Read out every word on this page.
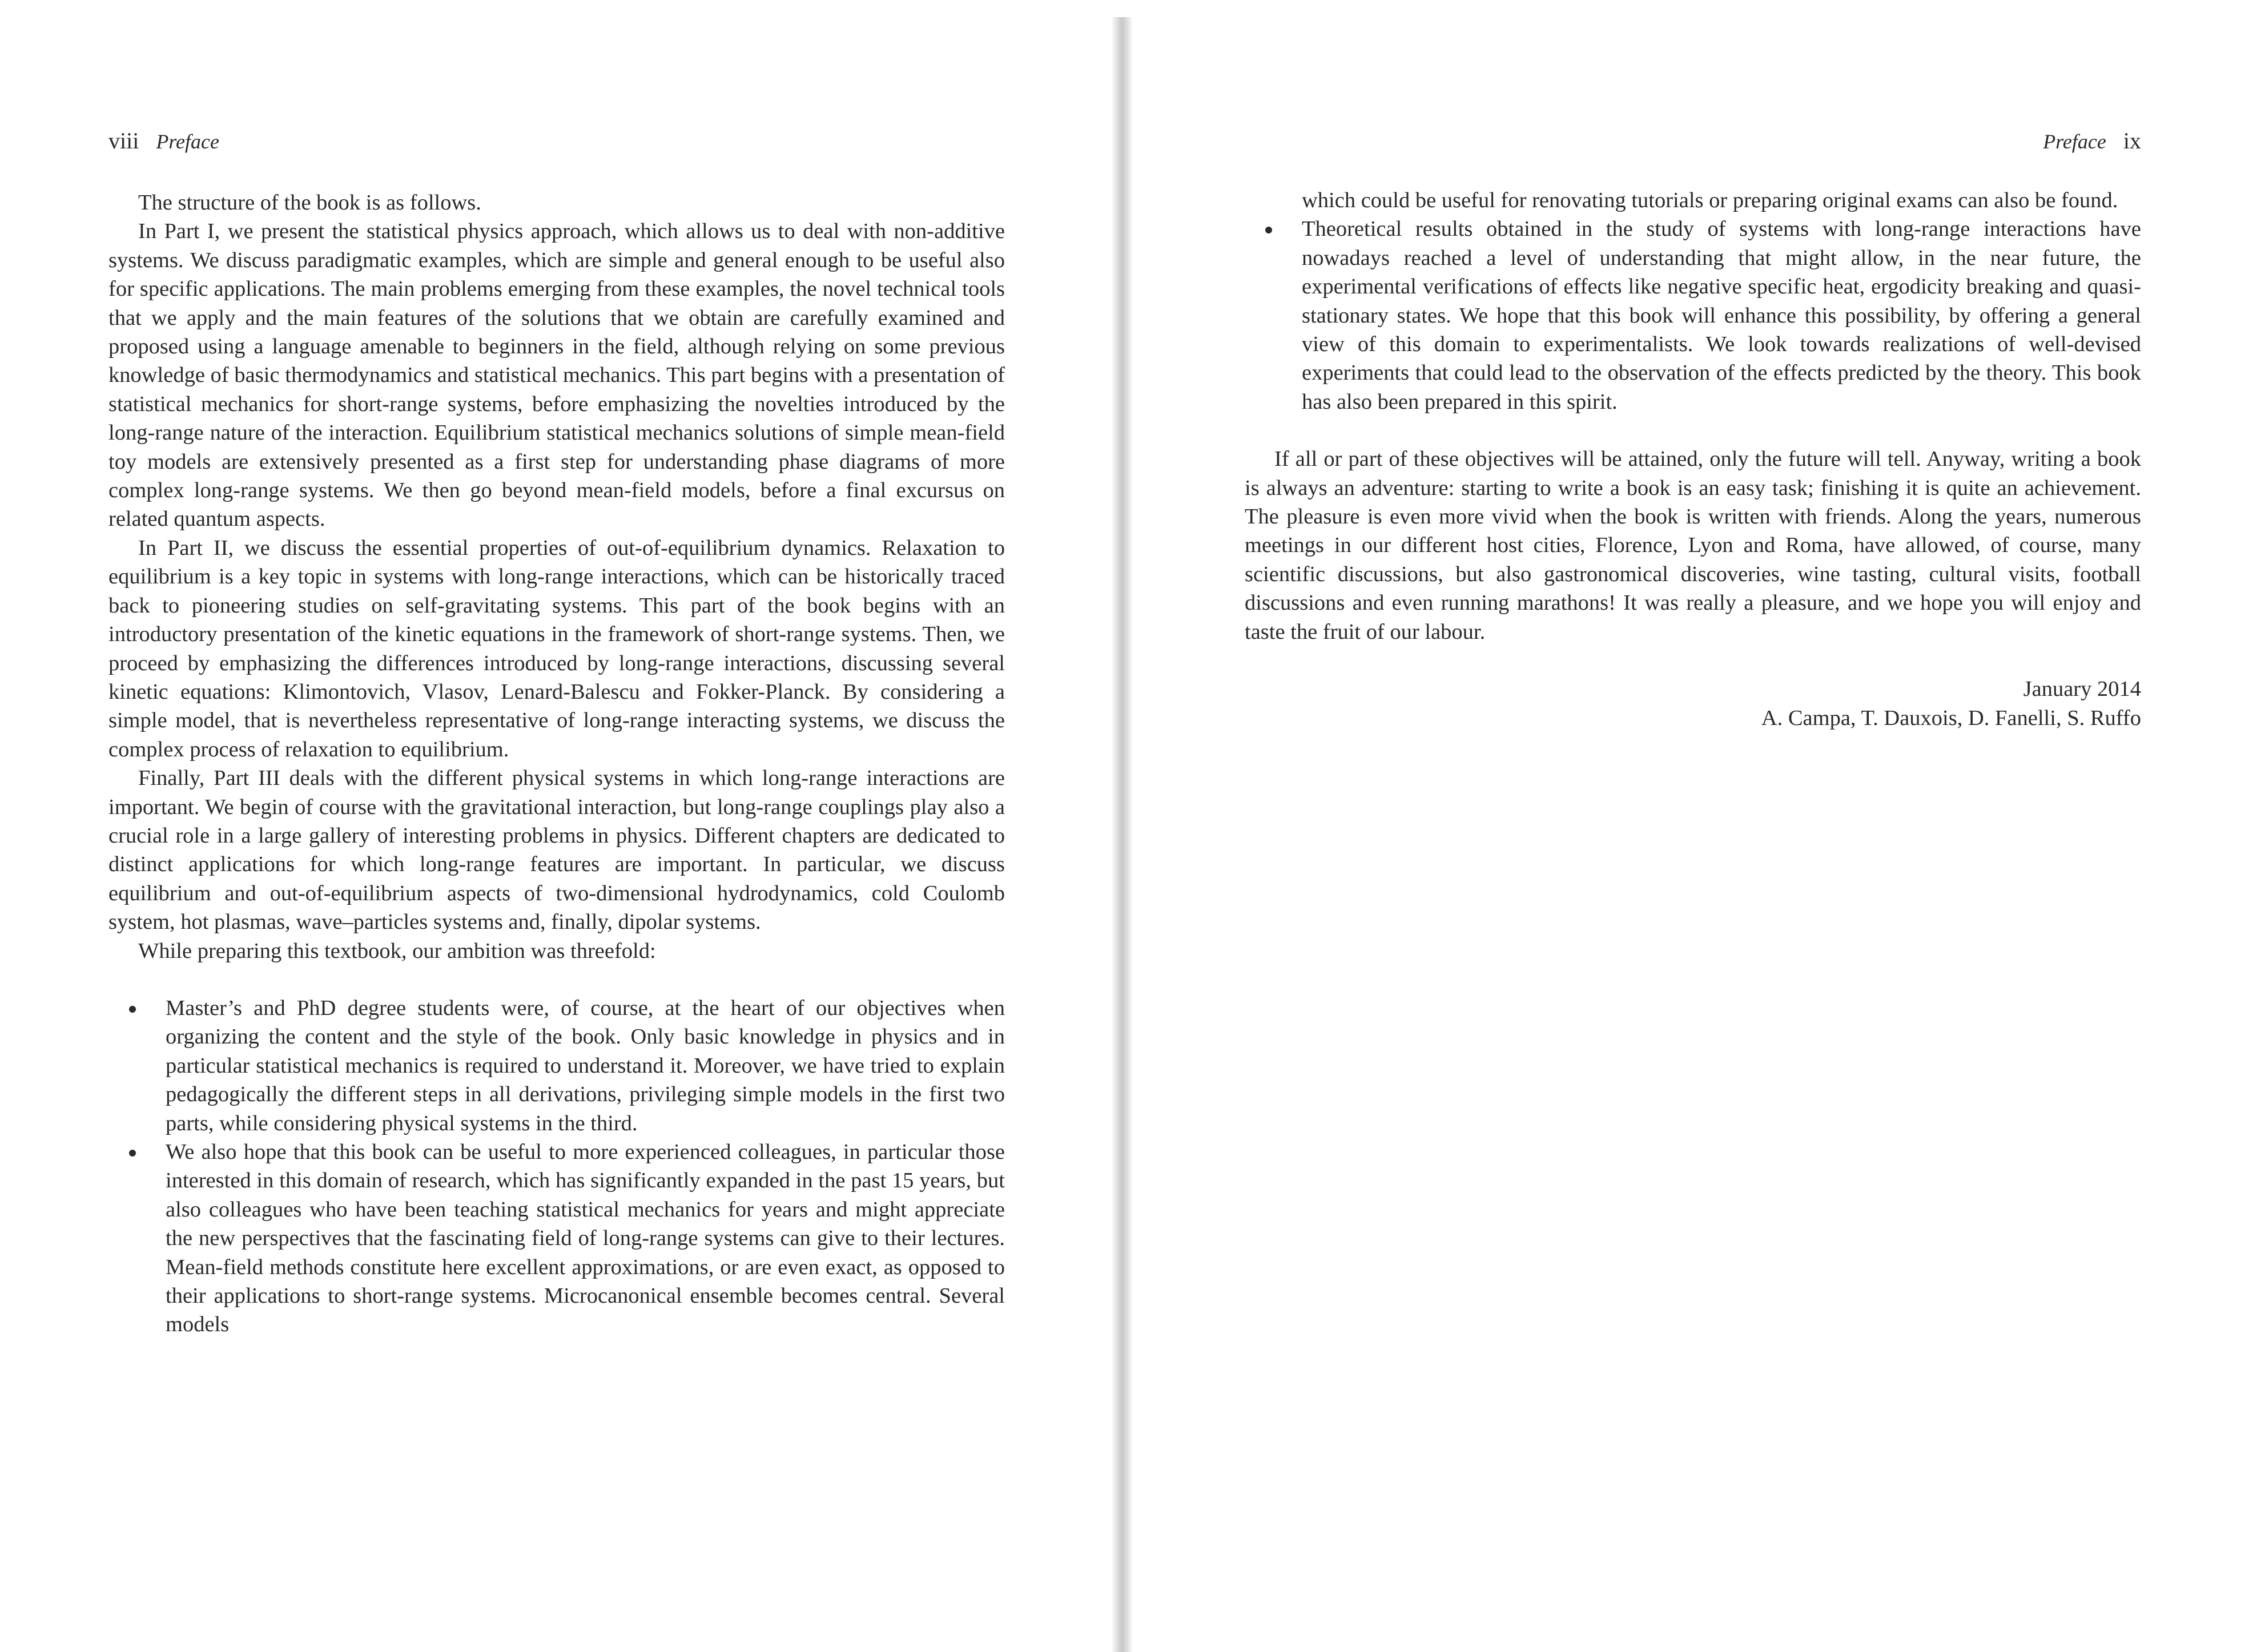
viii Preface

The structure of the book is as follows.

In Part I, we present the statistical physics approach, which allows us to deal with non-additive systems. We discuss paradigmatic examples, which are simple and general enough to be useful also for specific applications. The main problems emerging from these examples, the novel technical tools that we apply and the main features of the solutions that we obtain are carefully examined and proposed using a language amenable to beginners in the field, although relying on some previous knowledge of basic thermodynamics and statistical mechanics. This part begins with a presentation of statistical mechanics for short-range systems, before emphasizing the novelties introduced by the long-range nature of the interaction. Equilibrium statistical mechanics solutions of simple mean-field toy models are extensively presented as a first step for understanding phase diagrams of more complex long-range systems. We then go beyond mean-field models, before a final excursus on related quantum aspects.

In Part II, we discuss the essential properties of out-of-equilibrium dynamics. Relaxation to equilibrium is a key topic in systems with long-range interactions, which can be historically traced back to pioneering studies on self-gravitating systems. This part of the book begins with an introductory presentation of the kinetic equations in the framework of short-range systems. Then, we proceed by emphasizing the differences introduced by long-range interactions, discussing several kinetic equations: Klimontovich, Vlasov, Lenard-Balescu and Fokker-Planck. By considering a simple model, that is nevertheless representative of long-range interacting systems, we discuss the complex process of relaxation to equilibrium.

Finally, Part III deals with the different physical systems in which long-range interactions are important. We begin of course with the gravitational interaction, but long-range couplings play also a crucial role in a large gallery of interesting problems in physics. Different chapters are dedicated to distinct applications for which long-range features are important. In particular, we discuss equilibrium and out-of-equilibrium aspects of two-dimensional hydrodynamics, cold Coulomb system, hot plasmas, wave–particles systems and, finally, dipolar systems.

While preparing this textbook, our ambition was threefold:

Master’s and PhD degree students were, of course, at the heart of our objectives when organizing the content and the style of the book. Only basic knowledge in physics and in particular statistical mechanics is required to understand it. Moreover, we have tried to explain pedagogically the different steps in all derivations, privileging simple models in the first two parts, while considering physical systems in the third.
We also hope that this book can be useful to more experienced colleagues, in particular those interested in this domain of research, which has significantly expanded in the past 15 years, but also colleagues who have been teaching statistical mechanics for years and might appreciate the new perspectives that the fascinating field of long-range systems can give to their lectures. Mean-field methods constitute here excellent approximations, or are even exact, as opposed to their applications to short-range systems. Microcanonical ensemble becomes central. Several models
Preface ix

which could be useful for renovating tutorials or preparing original exams can also be found.

Theoretical results obtained in the study of systems with long-range interactions have nowadays reached a level of understanding that might allow, in the near future, the experimental verifications of effects like negative specific heat, ergodicity breaking and quasi-stationary states. We hope that this book will enhance this possibility, by offering a general view of this domain to experimentalists. We look towards realizations of well-devised experiments that could lead to the observation of the effects predicted by the theory. This book has also been prepared in this spirit.

If all or part of these objectives will be attained, only the future will tell. Anyway, writing a book is always an adventure: starting to write a book is an easy task; finishing it is quite an achievement. The pleasure is even more vivid when the book is written with friends. Along the years, numerous meetings in our different host cities, Florence, Lyon and Roma, have allowed, of course, many scientific discussions, but also gastronomical discoveries, wine tasting, cultural visits, football discussions and even running marathons! It was really a pleasure, and we hope you will enjoy and taste the fruit of our labour.

January 2014

A. Campa, T. Dauxois, D. Fanelli, S. Ruffo
